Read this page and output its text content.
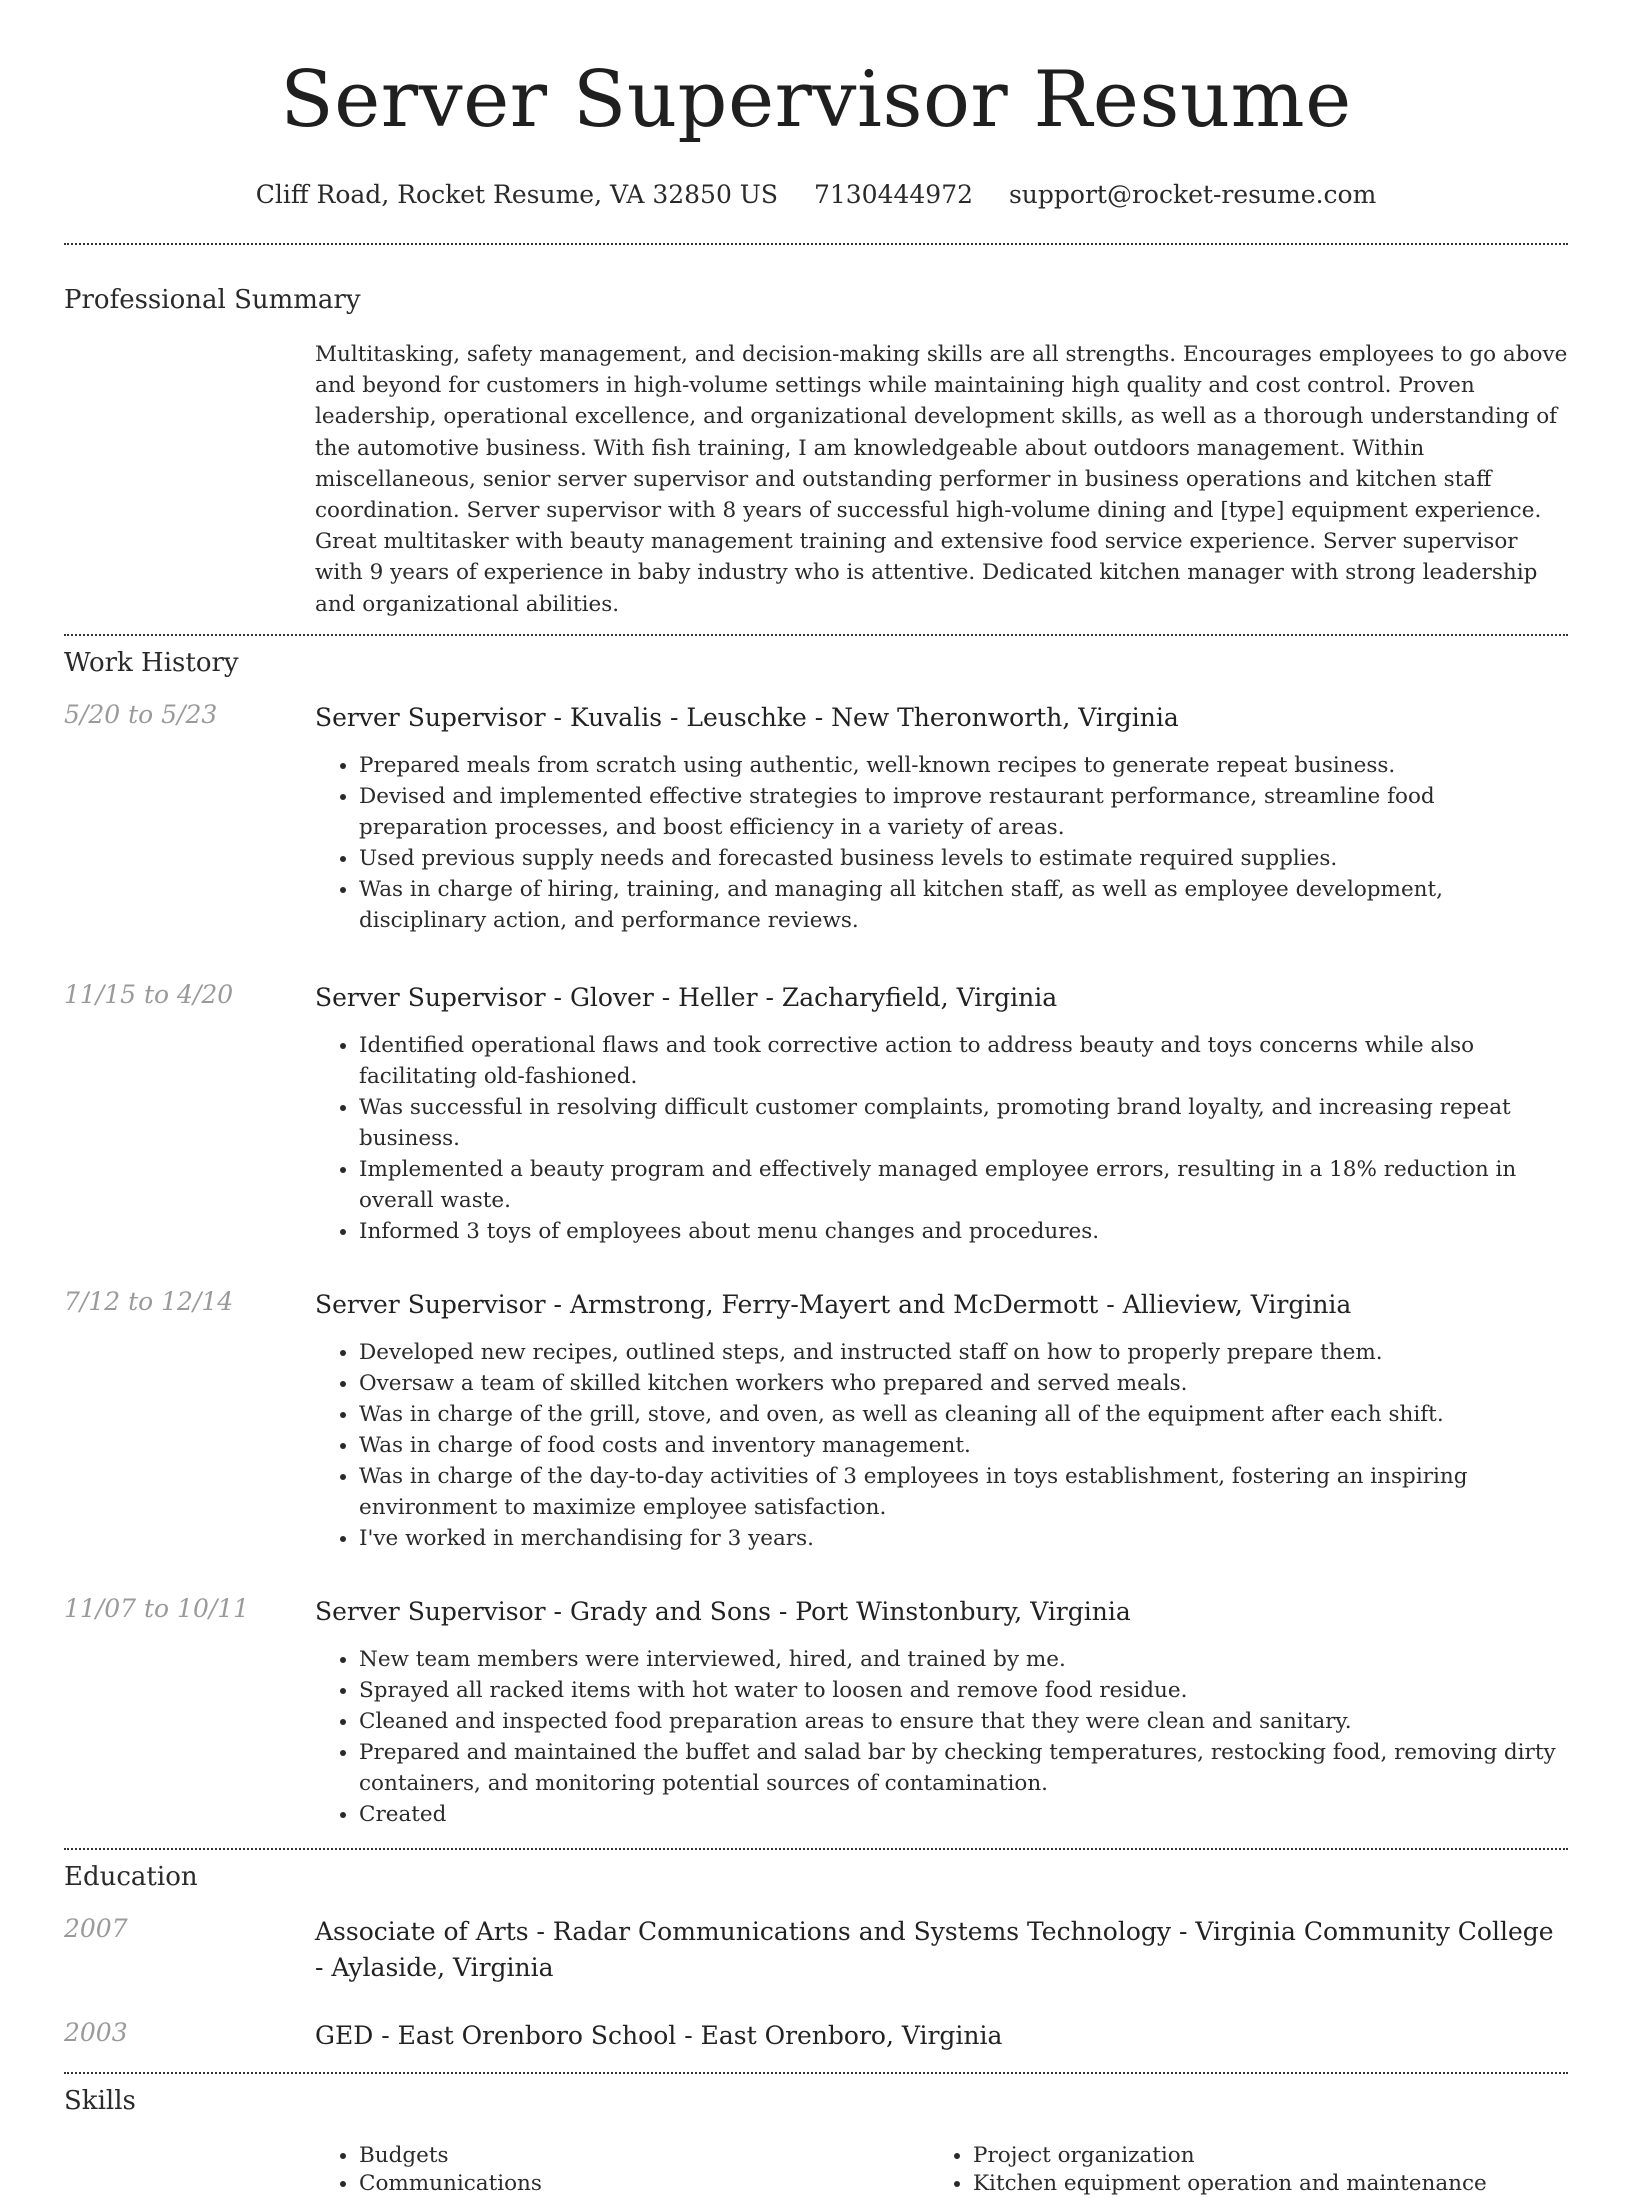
Server Supervisor Resume
Cliff Road, Rocket Resume, VA 32850 US 7130444972 support@rocket-resume.com
Professional Summary
Multitasking, safety management, and decision-making skills are all strengths. Encourages employees to go above and beyond for customers in high-volume settings while maintaining high quality and cost control. Proven leadership, operational excellence, and organizational development skills, as well as a thorough understanding of the automotive business. With fish training, I am knowledgeable about outdoors management. Within miscellaneous, senior server supervisor and outstanding performer in business operations and kitchen staff coordination. Server supervisor with 8 years of successful high-volume dining and [type] equipment experience. Great multitasker with beauty management training and extensive food service experience. Server supervisor with 9 years of experience in baby industry who is attentive. Dedicated kitchen manager with strong leadership and organizational abilities.
Work History
5/20 to 5/23	Server Supervisor - Kuvalis - Leuschke - New Theronworth, Virginia
• Prepared meals from scratch using authentic, well-known recipes to generate repeat business.
• Devised and implemented effective strategies to improve restaurant performance, streamline food preparation processes, and boost efficiency in a variety of areas.
• Used previous supply needs and forecasted business levels to estimate required supplies.
• Was in charge of hiring, training, and managing all kitchen staff, as well as employee development, disciplinary action, and performance reviews.
11/15 to 4/20	Server Supervisor - Glover - Heller - Zacharyfield, Virginia
• Identified operational flaws and took corrective action to address beauty and toys concerns while also facilitating old-fashioned.
• Was successful in resolving difficult customer complaints, promoting brand loyalty, and increasing repeat business.
• Implemented a beauty program and effectively managed employee errors, resulting in a 18% reduction in overall waste.
• Informed 3 toys of employees about menu changes and procedures.
7/12 to 12/14	Server Supervisor - Armstrong, Ferry-Mayert and McDermott - Allieview, Virginia
• Developed new recipes, outlined steps, and instructed staff on how to properly prepare them.
• Oversaw a team of skilled kitchen workers who prepared and served meals.
• Was in charge of the grill, stove, and oven, as well as cleaning all of the equipment after each shift.
• Was in charge of food costs and inventory management.
• Was in charge of the day-to-day activities of 3 employees in toys establishment, fostering an inspiring environment to maximize employee satisfaction.
• I've worked in merchandising for 3 years.
11/07 to 10/11	Server Supervisor - Grady and Sons - Port Winstonbury, Virginia
• New team members were interviewed, hired, and trained by me.
• Sprayed all racked items with hot water to loosen and remove food residue.
• Cleaned and inspected food preparation areas to ensure that they were clean and sanitary.
• Prepared and maintained the buffet and salad bar by checking temperatures, restocking food, removing dirty containers, and monitoring potential sources of contamination.
• Created
Education
2007	Associate of Arts - Radar Communications and Systems Technology - Virginia Community College - Aylaside, Virginia
2003	GED - East Orenboro School - East Orenboro, Virginia
Skills
• Budgets
• Communications
• Project organization
• Kitchen equipment operation and maintenance
